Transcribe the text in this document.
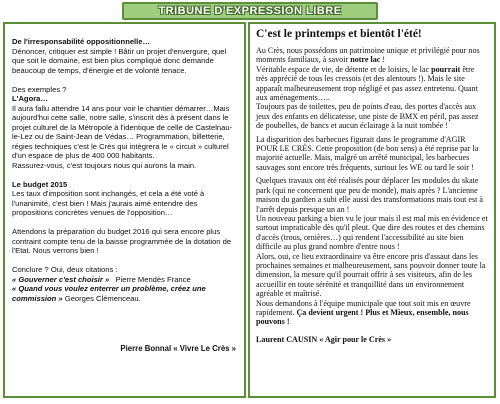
TRIBUNE D'EXPRESSION LIBRE

De l'irresponsabilité oppositionnelle…

Dénoncer, critiquer est simple ! Bâtir un projet d'envergure, quel que soit le domaine, est bien plus compliqué donc demande beaucoup de temps, d'énergie et de volonté tenace.

Des exemples ?

L'Agora…

Il aura fallu attendre 14 ans pour voir le chantier démarrer…Mais aujourd'hui cette salle, notre salle, s'inscrit dès à présent dans le projet culturel de la Métropole à l'identique de celle de Castelnau-le-Lez ou de Saint-Jean de Védas… Programmation, billetterie, régies techniques c'est le Crès qui intègrera le « circuit » culturel d'un espace de plus de 400 000 habitants.

Rassurez-vous, c'est toujours nous qui aurons la main.

Le budget 2015

Les taux d'imposition sont inchangés, et cela a été voté à l'unanimité, c'est bien ! Mais j'aurais aimé entendre des propositions concrètes venues de l'opposition…

Attendons la préparation du budget 2016 qui sera encore plus contraint compte tenu de la baisse programmée de la dotation de l'Etat. Nous verrons bien !

Conclure ? Oui, deux citations :

« Gouverner c'est choisir » Pierre Mendès France

« Quand vous voulez enterrer un problème, créez une commission » Georges Clémenceau.

Pierre Bonnal « Vivre Le Crès »
C'est le printemps et bientôt l'été!

Au Crès, nous possédons un patrimoine unique et privilégié pour nos moments familiaux, à savoir notre lac !

Véritable espace de vie, de détente et de loisirs, le lac pourrait être très apprécié de tous les cressois (et des alentours !). Mais le site apparaît malheureusement trop négligé et pas assez entretenu. Quant aux aménagements…..

Toujours pas de toilettes, peu de points d'eau, des portes d'accès aux jeux des enfants en délicatesse, une piste de BMX en péril, pas assez de poubelles, de bancs et aucun éclairage à la nuit tombée !

La disparition des barbecues figurait dans le programme d'AGIR POUR LE CRÈS. Cette proposition (de bon sens) a été reprise par la majorité actuelle. Mais, malgré un arrêté municipal, les barbecues sauvages sont encore très fréquents, surtout les WE ou tard le soir !

Quelques travaux ont été réalisés pour déplacer les modules du skate park (qui ne concernent que peu de monde), mais après ? L'ancienne maison du gardien a subi elle aussi des transformations mais tout est à l'arrêt depuis presque un an !

Un nouveau parking a bien vu le jour mais il est mal mis en évidence et surtout impraticable dès qu'il pleut. Que dire des routes et des chemins d'accès (trous, ornières…) qui rendent l'accessibilité au site bien difficile au plus grand nombre d'entre nous !

Alors, oui, ce lieu extraordinaire va être encore pris d'assaut dans les prochaines semaines et malheureusement, sans pouvoir donner toute la dimension, la mesure qu'il pourrait offrir à ses visiteurs, afin de les accueillir en toute sérénité et tranquillité dans un environnement agréable et maîtrisé.

Nous demandons à l'équipe municipale que tout soit mis en œuvre rapidement. Ça devient urgent ! Plus et Mieux, ensemble, nous pouvons !

Laurent CAUSIN « Agir pour le Crès »
